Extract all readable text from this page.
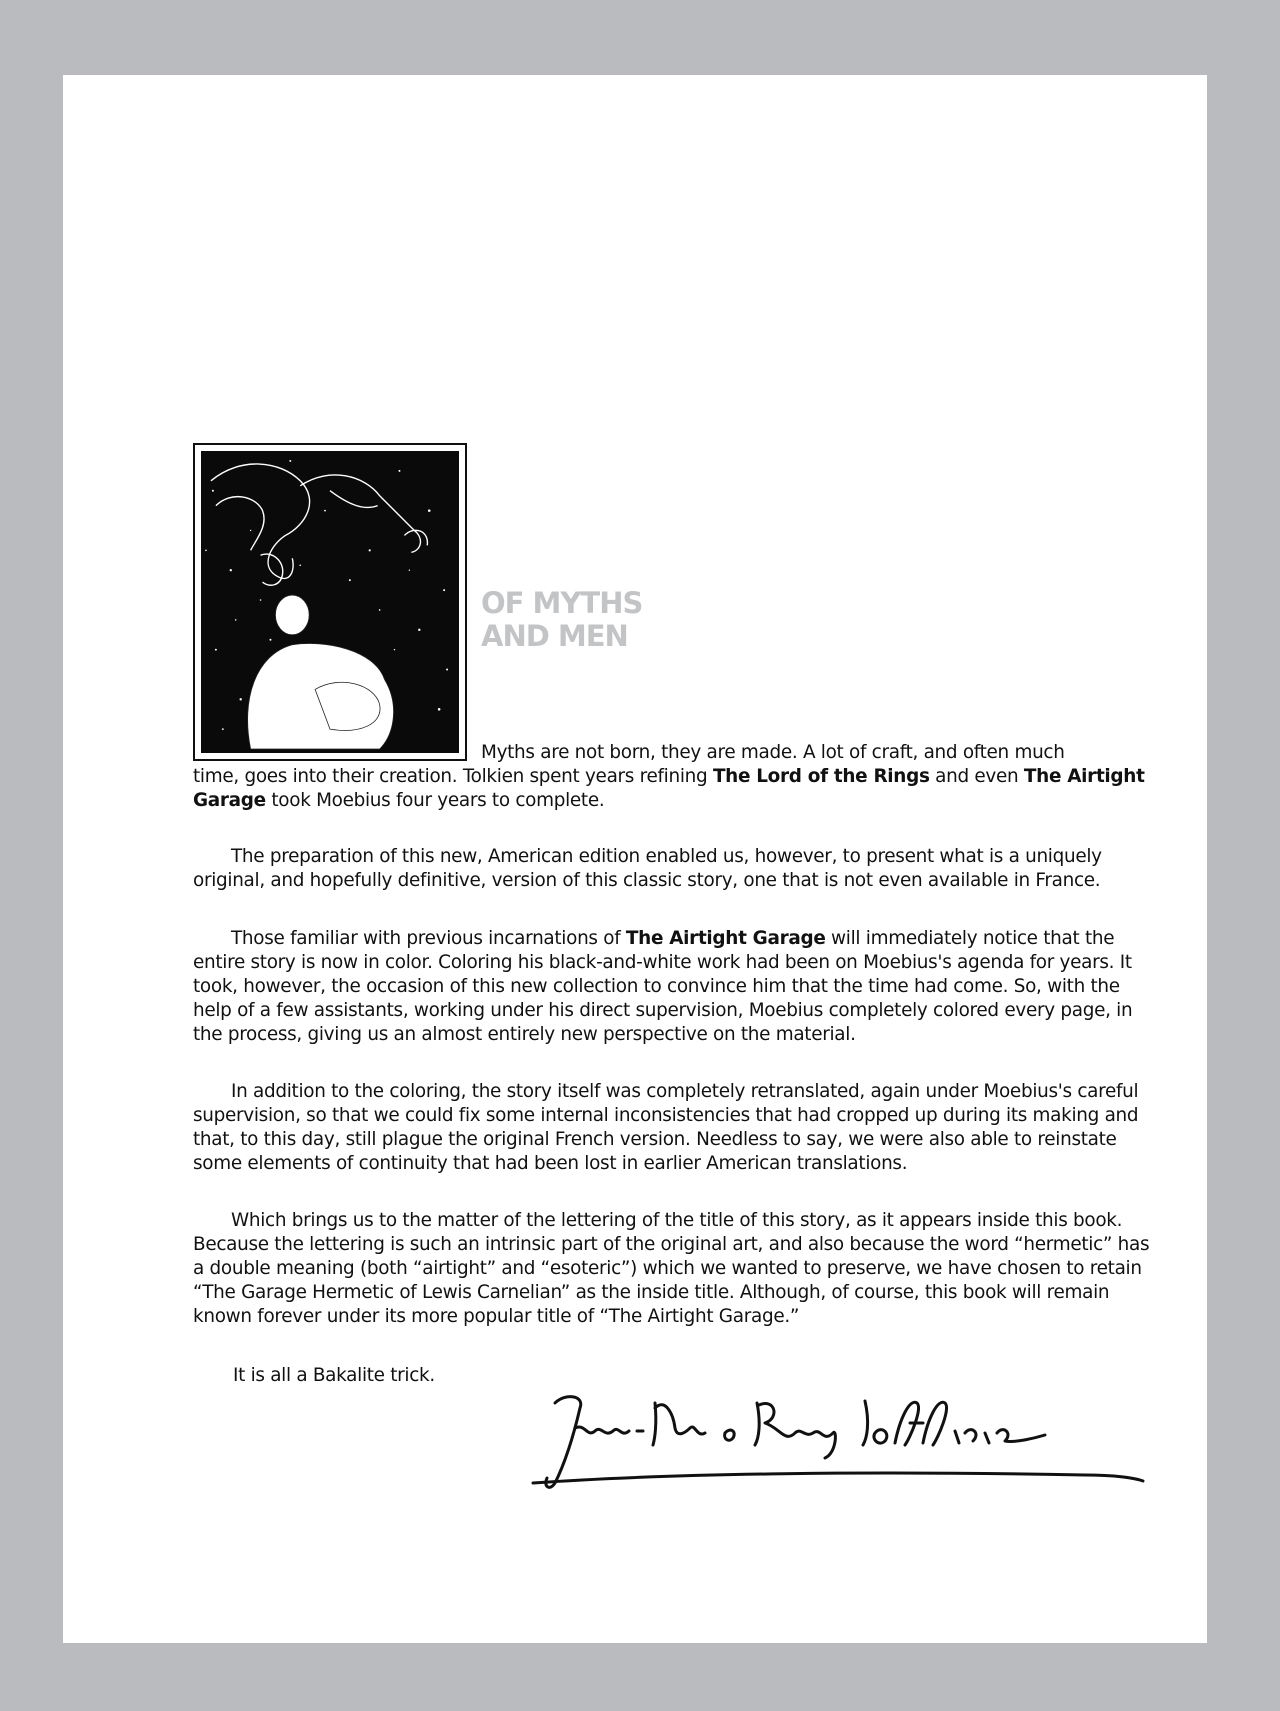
OF MYTHS
AND MEN
Myths are not born, they are made. A lot of craft, and often much
time, goes into their creation. Tolkien spent years refining The Lord of the Rings and even The Airtight Garage took Moebius four years to complete.
The preparation of this new, American edition enabled us, however, to present what is a uniquely original, and hopefully definitive, version of this classic story, one that is not even available in France.
Those familiar with previous incarnations of The Airtight Garage will immediately notice that the entire story is now in color. Coloring his black-and-white work had been on Moebius's agenda for years. It took, however, the occasion of this new collection to convince him that the time had come. So, with the help of a few assistants, working under his direct supervision, Moebius completely colored every page, in the process, giving us an almost entirely new perspective on the material.
In addition to the coloring, the story itself was completely retranslated, again under Moebius's careful supervision, so that we could fix some internal inconsistencies that had cropped up during its making and that, to this day, still plague the original French version. Needless to say, we were also able to reinstate some elements of continuity that had been lost in earlier American translations.
Which brings us to the matter of the lettering of the title of this story, as it appears inside this book. Because the lettering is such an intrinsic part of the original art, and also because the word “hermetic” has a double meaning (both “airtight” and “esoteric”) which we wanted to preserve, we have chosen to retain “The Garage Hermetic of Lewis Carnelian” as the inside title. Although, of course, this book will remain known forever under its more popular title of “The Airtight Garage.”
It is all a Bakalite trick.
